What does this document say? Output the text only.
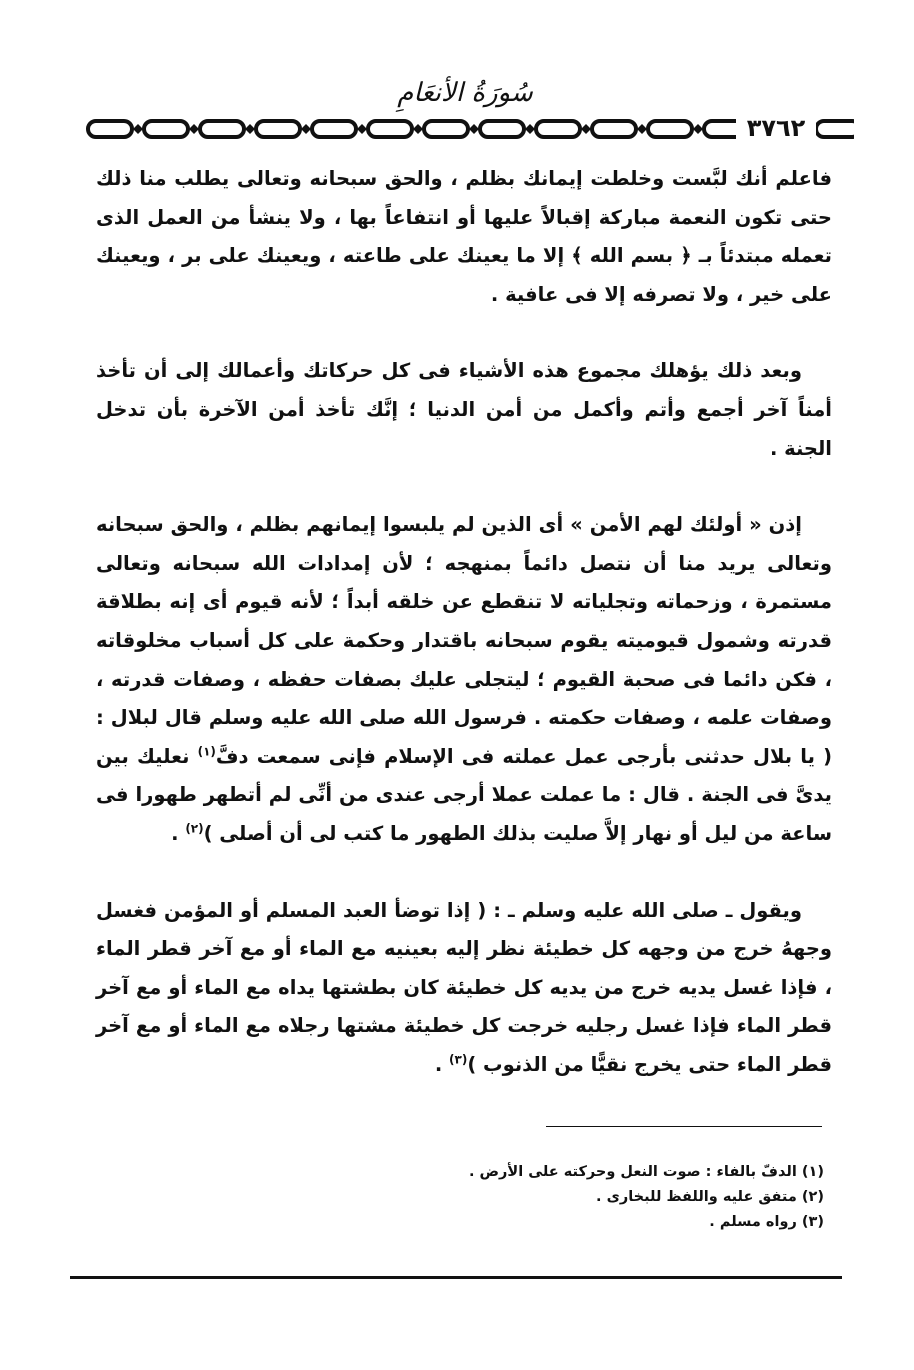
سُورَةُ الأنعَامِ
٣٧٦٢

فاعلم أنك لبَّست وخلطت إيمانك بظلم ، والحق سبحانه وتعالى يطلب منا ذلك حتى تكون النعمة مباركة إقبالاً عليها أو انتفاعاً بها ، ولا ينشأ من العمل الذى تعمله مبتدئاً بـ ﴿ بسم الله ﴾ إلا ما يعينك على طاعته ، ويعينك على بر ، ويعينك على خير ، ولا تصرفه إلا فى عافية .

وبعد ذلك يؤهلك مجموع هذه الأشياء فى كل حركاتك وأعمالك إلى أن تأخذ أمناً آخر أجمع وأتم وأكمل من أمن الدنيا ؛ إنَّك تأخذ أمن الآخرة بأن تدخل الجنة .

إذن « أولئك لهم الأمن » أى الذين لم يلبسوا إيمانهم بظلم ، والحق سبحانه وتعالى يريد منا أن نتصل دائماً بمنهجه ؛ لأن إمدادات الله سبحانه وتعالى مستمرة ، وزحماته وتجلياته لا تنقطع عن خلقه أبداً ؛ لأنه قيوم أى إنه بطلاقة قدرته وشمول قيوميته يقوم سبحانه باقتدار وحكمة على كل أسباب مخلوقاته ، فكن دائما فى صحبة القيوم ؛ ليتجلى عليك بصفات حفظه ، وصفات قدرته ، وصفات علمه ، وصفات حكمته . فرسول الله صلى الله عليه وسلم قال لبلال : ( يا بلال حدثنى بأرجى عمل عملته فى الإسلام فإنى سمعت دفَّ$^{(١)}$ نعليك بين يدىَّ فى الجنة . قال : ما عملت عملا أرجى عندى من أنِّى لم أتطهر طهورا فى ساعة من ليل أو نهار إلاَّ صليت بذلك الطهور ما كتب لى أن أصلى )$^{(٢)}$ .

ويقول ـ صلى الله عليه وسلم ـ : ( إذا توضأ العبد المسلم أو المؤمن فغسل وجههُ خرج من وجهه كل خطيئة نظر إليه بعينيه مع الماء أو مع آخر قطر الماء ، فإذا غسل يديه خرج من يديه كل خطيئة كان بطشتها يداه مع الماء أو مع آخر قطر الماء فإذا غسل رجليه خرجت كل خطيئة مشتها رجلاه مع الماء أو مع آخر قطر الماء حتى يخرج نقيًّا من الذنوب )$^{(٣)}$ .

(١) الدفّ بالفاء : صوت النعل وحركته على الأرض .
(٢) متفق عليه واللفظ للبخارى .
(٣) رواه مسلم .
